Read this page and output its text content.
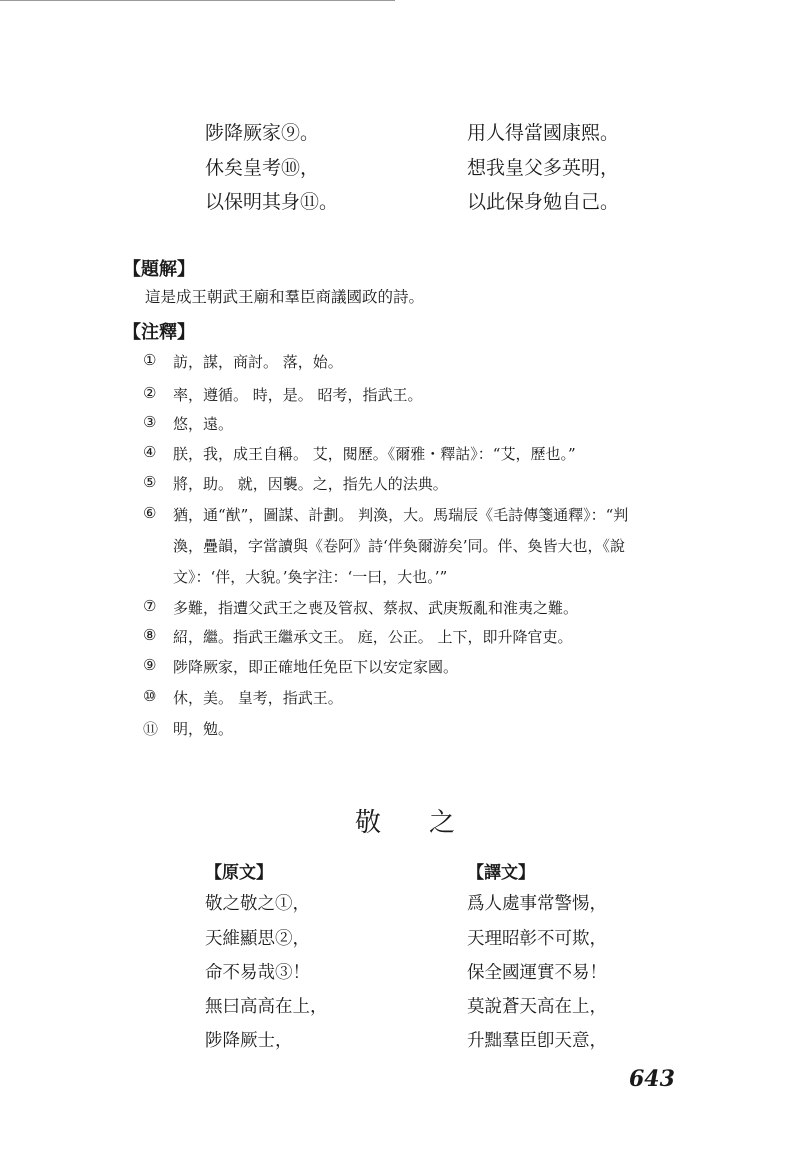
陟降厥家⑨。
休矣皇考⑩，
以保明其身⑪。
用人得當國康熙。
想我皇父多英明，
以此保身勉自己。
【題解】
這是成王朝武王廟和羣臣商議國政的詩。
【注釋】
① 訪，謀，商討。 落，始。
② 率，遵循。 時，是。 昭考，指武王。
③ 悠，遠。
④ 朕，我，成王自稱。 艾，閱歷。《爾雅・釋詁》：“艾，歷也。”
⑤ 將，助。 就，因襲。之，指先人的法典。
⑥ 猶，通“猷”，圖謀、計劃。 判渙，大。馬瑞辰《毛詩傳箋通釋》：“判
渙，疊韻，字當讀與《卷阿》詩‘伴奐爾游矣’同。伴、奐皆大也，《說
文》：‘伴，大貌。’奐字注：‘一曰，大也。’”
⑦ 多難，指遭父武王之喪及管叔、蔡叔、武庚叛亂和淮夷之難。
⑧ 紹，繼。指武王繼承文王。 庭，公正。 上下，即升降官吏。
⑨ 陟降厥家，即正確地任免臣下以安定家國。
⑩ 休，美。 皇考，指武王。
⑪ 明，勉。
敬之
【原文】	【譯文】
敬之敬之①，
天維顯思②，
命不易哉③！
無曰高高在上，
陟降厥士，
爲人處事常警惕，
天理昭彰不可欺，
保全國運實不易！
莫說蒼天高在上，
升黜羣臣卽天意，
643
